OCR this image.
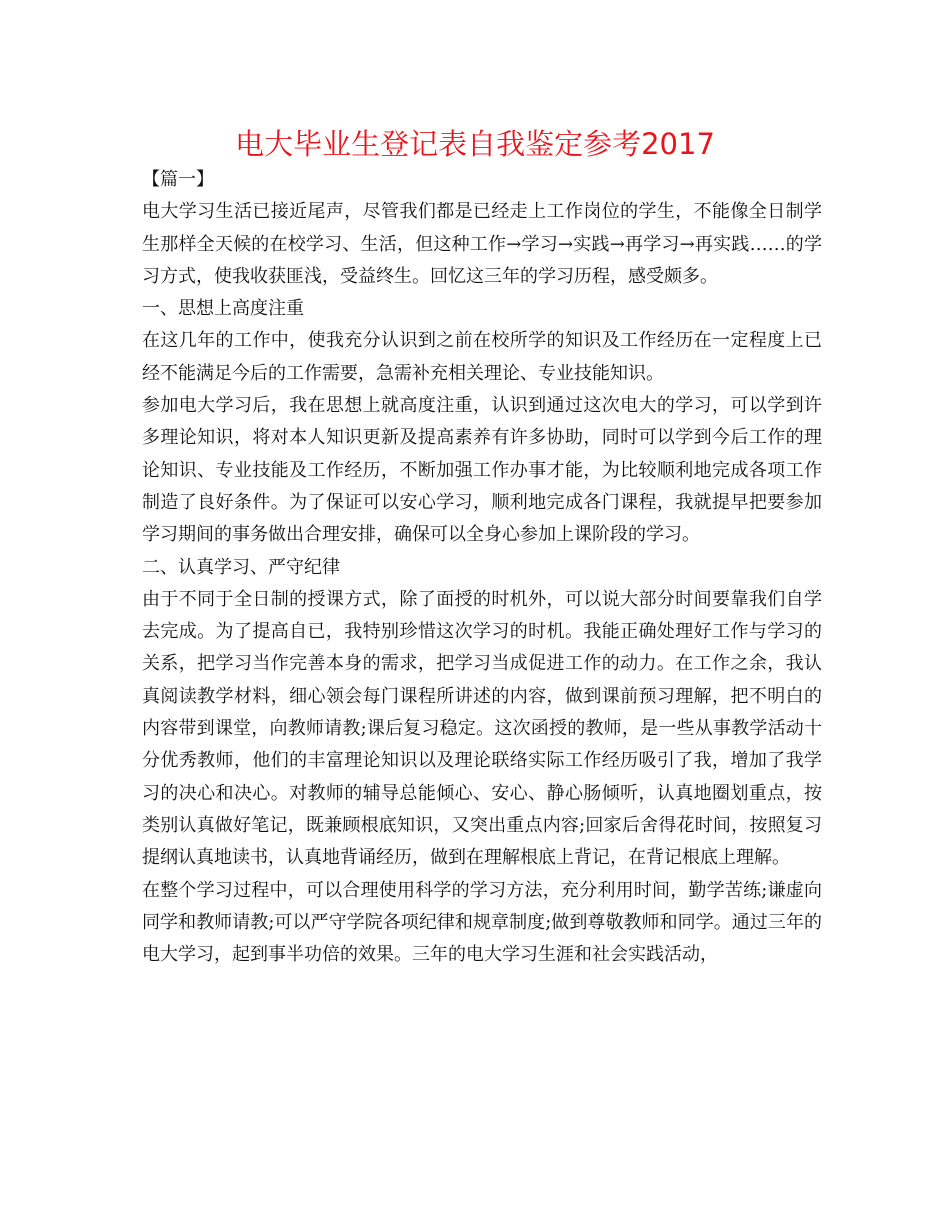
电大毕业生登记表自我鉴定参考2017

【篇一】

电大学习生活已接近尾声，尽管我们都是已经走上工作岗位的学生，不能像全日制学生那样全天候的在校学习、生活，但这种工作→学习→实践→再学习→再实践……的学习方式，使我收获匪浅，受益终生。回忆这三年的学习历程，感受颇多。

一、思想上高度注重

在这几年的工作中，使我充分认识到之前在校所学的知识及工作经历在一定程度上已经不能满足今后的工作需要，急需补充相关理论、专业技能知识。

参加电大学习后，我在思想上就高度注重，认识到通过这次电大的学习，可以学到许多理论知识，将对本人知识更新及提高素养有许多协助，同时可以学到今后工作的理论知识、专业技能及工作经历，不断加强工作办事才能，为比较顺利地完成各项工作制造了良好条件。为了保证可以安心学习，顺利地完成各门课程，我就提早把要参加学习期间的事务做出合理安排，确保可以全身心参加上课阶段的学习。

二、认真学习、严守纪律

由于不同于全日制的授课方式，除了面授的时机外，可以说大部分时间要靠我们自学去完成。为了提高自已，我特别珍惜这次学习的时机。我能正确处理好工作与学习的关系，把学习当作完善本身的需求，把学习当成促进工作的动力。在工作之余，我认真阅读教学材料，细心领会每门课程所讲述的内容，做到课前预习理解，把不明白的内容带到课堂，向教师请教;课后复习稳定。这次函授的教师，是一些从事教学活动十分优秀教师，他们的丰富理论知识以及理论联络实际工作经历吸引了我，增加了我学习的决心和决心。对教师的辅导总能倾心、安心、静心肠倾听，认真地圈划重点，按类别认真做好笔记，既兼顾根底知识，又突出重点内容;回家后舍得花时间，按照复习提纲认真地读书，认真地背诵经历，做到在理解根底上背记，在背记根底上理解。

在整个学习过程中，可以合理使用科学的学习方法，充分利用时间，勤学苦练;谦虚向同学和教师请教;可以严守学院各项纪律和规章制度;做到尊敬教师和同学。通过三年的电大学习，起到事半功倍的效果。三年的电大学习生涯和社会实践活动，
